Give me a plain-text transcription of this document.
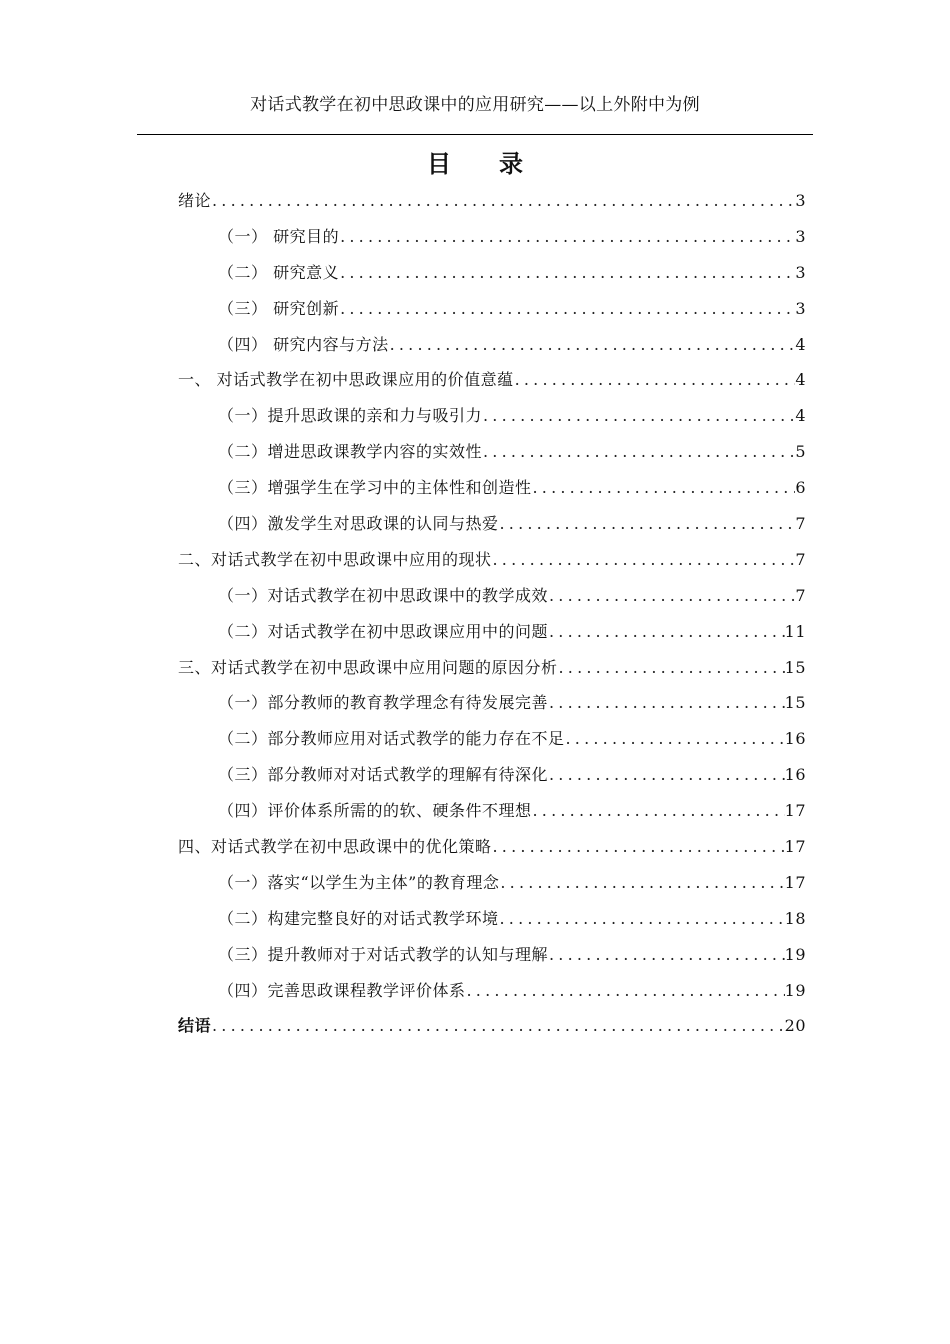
对话式教学在初中思政课中的应用研究——以上外附中为例
目录
绪论 .....	3
（一） 研究目的 .....	3
（二） 研究意义 .....	3
（三） 研究创新 .....	3
（四） 研究内容与方法 .....	4
一、 对话式教学在初中思政课应用的价值意蕴 .....	4
（一）提升思政课的亲和力与吸引力 .....	4
（二）增进思政课教学内容的实效性 .....	5
（三）增强学生在学习中的主体性和创造性 .....	6
（四）激发学生对思政课的认同与热爱 .....	7
二、对话式教学在初中思政课中应用的现状 .....	7
（一）对话式教学在初中思政课中的教学成效 .....	7
（二）对话式教学在初中思政课应用中的问题 .....	11
三、对话式教学在初中思政课中应用问题的原因分析 .....	15
（一）部分教师的教育教学理念有待发展完善 .....	15
（二）部分教师应用对话式教学的能力存在不足 .....	16
（三）部分教师对对话式教学的理解有待深化 .....	16
（四）评价体系所需的的软、硬条件不理想 .....	17
四、对话式教学在初中思政课中的优化策略 .....	17
（一）落实“以学生为主体”的教育理念 .....	17
（二）构建完整良好的对话式教学环境 .....	18
（三）提升教师对于对话式教学的认知与理解 .....	19
（四）完善思政课程教学评价体系 .....	19
结语 .....	20
